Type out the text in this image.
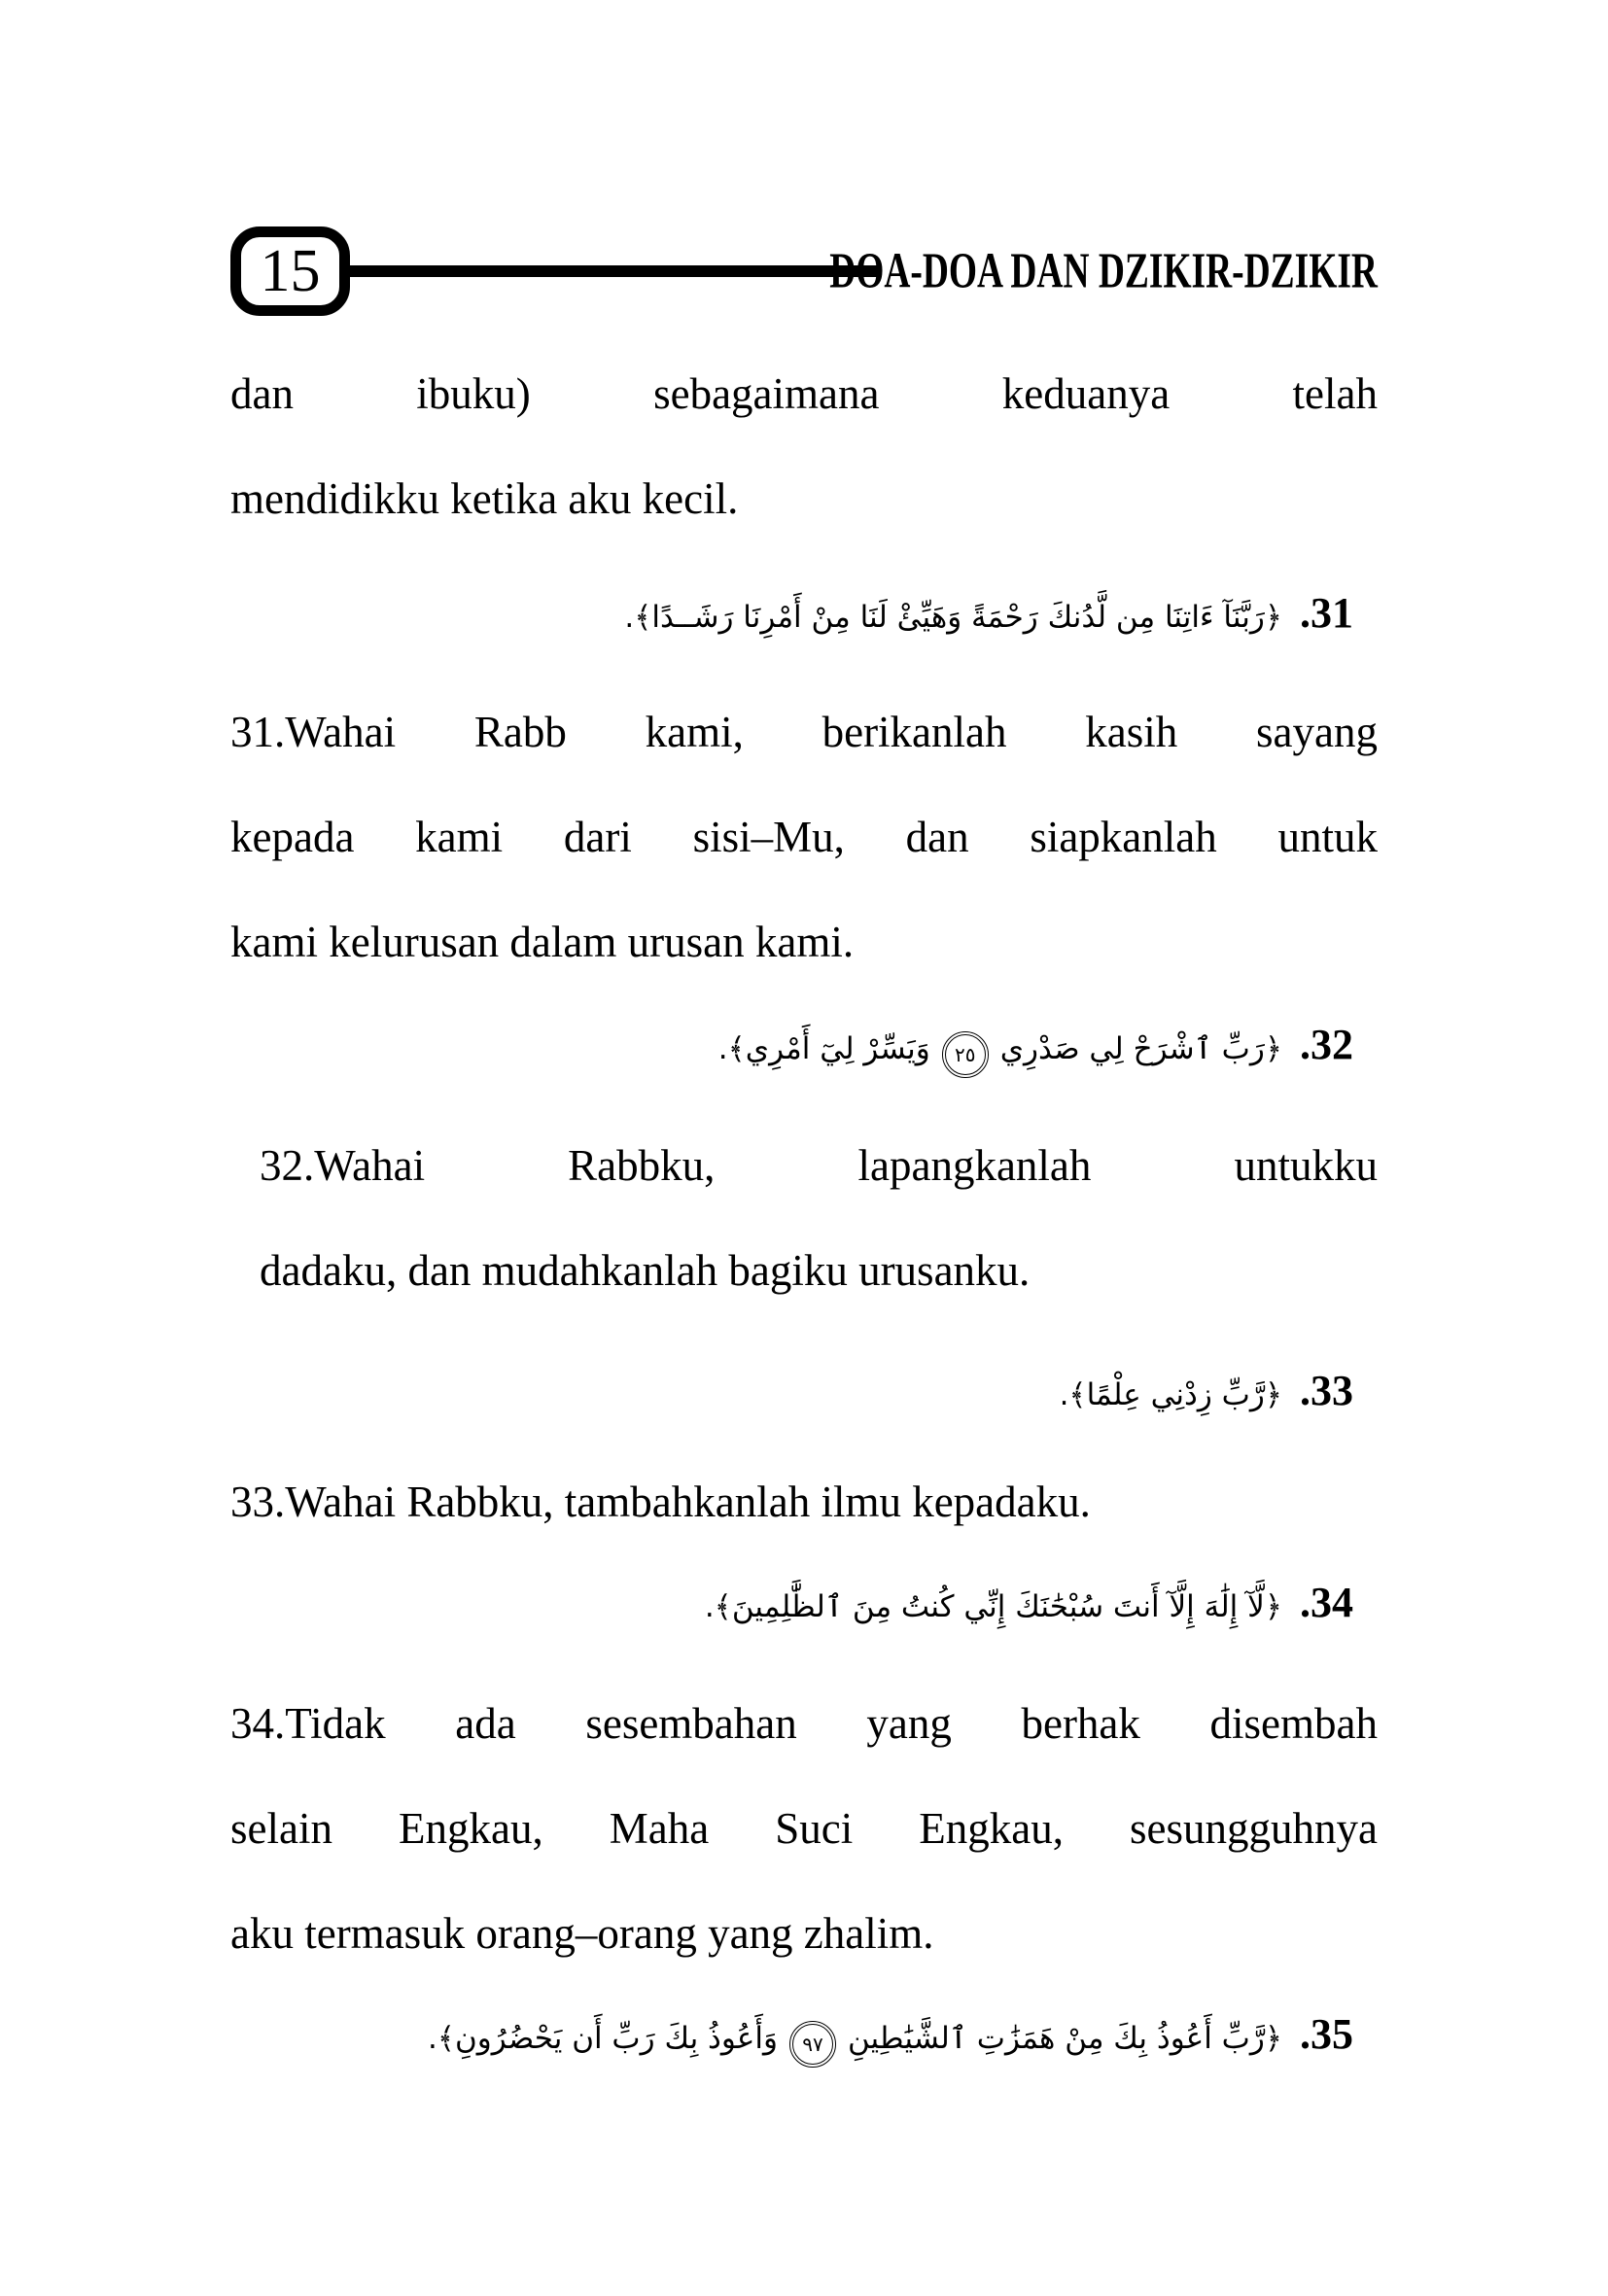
15	DOA-DOA DAN DZIKIR-DZIKIR
dan ibuku) sebagaimana keduanya telah
mendidikku ketika aku kecil.
31. ﴿رَبَّنَآ ءَاتِنَا مِن لَّدُنكَ رَحْمَةً وَهَيِّئْ لَنَا مِنْ أَمْرِنَا رَشَــدًا﴾.
31.Wahai Rabb kami, berikanlah kasih sayang
kepada kami dari sisi–Mu, dan siapkanlah untuk
kami kelurusan dalam urusan kami.
32. ﴿رَبِّ ٱشْرَحْ لِي صَدْرِي ٢٥ وَيَسِّرْ لِيٓ أَمْرِي﴾.
32.Wahai Rabbku, lapangkanlah untukku
dadaku, dan mudahkanlah bagiku urusanku.
33. ﴿رَّبِّ زِدْنِي عِلْمًا﴾.
33.Wahai Rabbku, tambahkanlah ilmu kepadaku.
34. ﴿لَّآ إِلَٰهَ إِلَّآ أَنتَ سُبْحَٰنَكَ إِنِّي كُنتُ مِنَ ٱلظَّٰلِمِينَ﴾.
34.Tidak ada sesembahan yang berhak disembah
selain Engkau, Maha Suci Engkau, sesungguhnya
aku termasuk orang–orang yang zhalim.
35. ﴿رَّبِّ أَعُوذُ بِكَ مِنْ هَمَزَٰتِ ٱلشَّيَٰطِينِ ٩٧ وَأَعُوذُ بِكَ رَبِّ أَن يَحْضُرُونِ﴾.
